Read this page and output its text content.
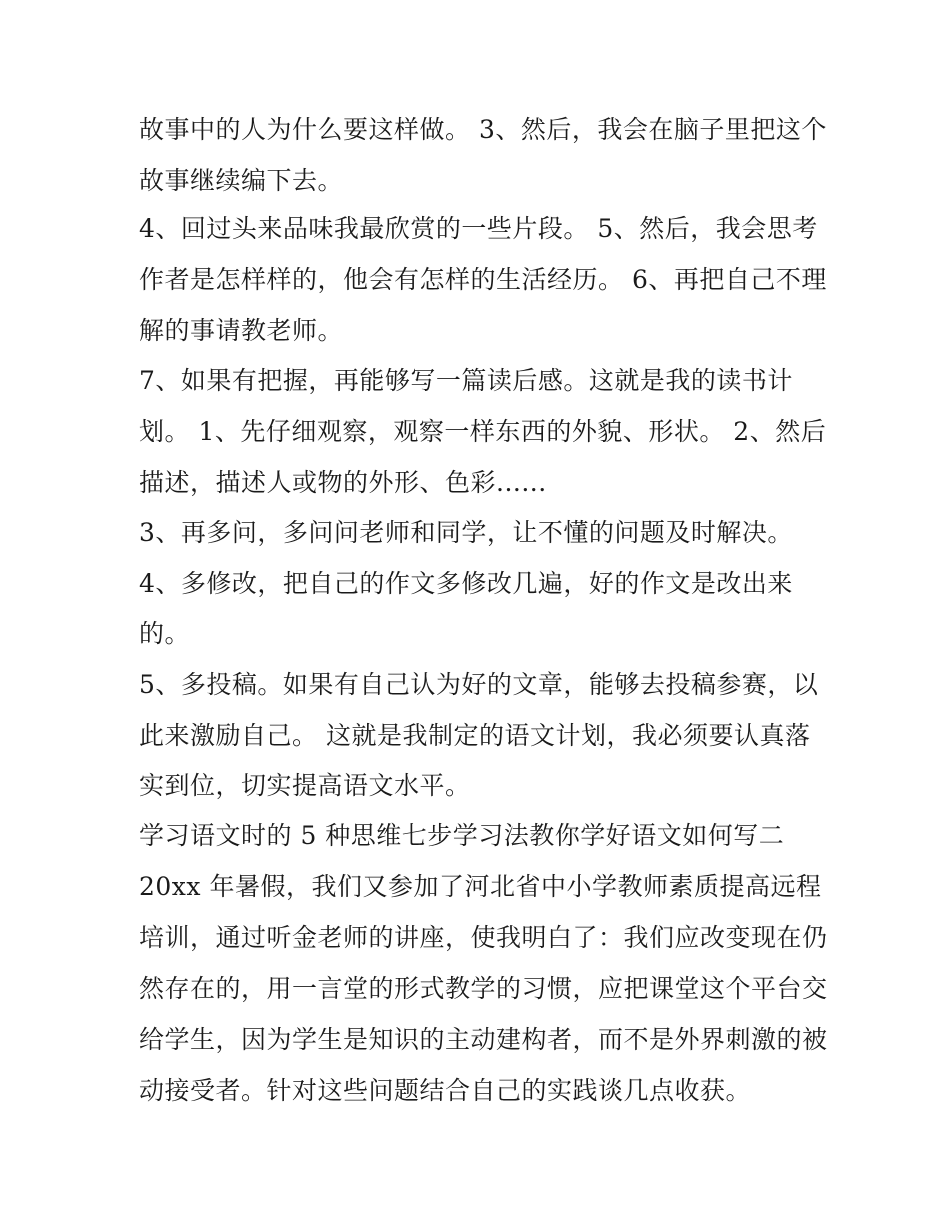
故事中的人为什么要这样做。 3、然后，我会在脑子里把这个
故事继续编下去。
4、回过头来品味我最欣赏的一些片段。 5、然后，我会思考
作者是怎样样的，他会有怎样的生活经历。 6、再把自己不理
解的事请教老师。
7、如果有把握，再能够写一篇读后感。这就是我的读书计
划。 1、先仔细观察，观察一样东西的外貌、形状。 2、然后
描述，描述人或物的外形、色彩......
3、再多问，多问问老师和同学，让不懂的问题及时解决。
4、多修改，把自己的作文多修改几遍，好的作文是改出来
的。
5、多投稿。如果有自己认为好的文章，能够去投稿参赛，以
此来激励自己。 这就是我制定的语文计划，我必须要认真落
实到位，切实提高语文水平。
学习语文时的 5 种思维七步学习法教你学好语文如何写二
20xx 年暑假，我们又参加了河北省中小学教师素质提高远程
培训，通过听金老师的讲座，使我明白了：我们应改变现在仍
然存在的，用一言堂的形式教学的习惯，应把课堂这个平台交
给学生，因为学生是知识的主动建构者，而不是外界刺激的被
动接受者。针对这些问题结合自己的实践谈几点收获。
